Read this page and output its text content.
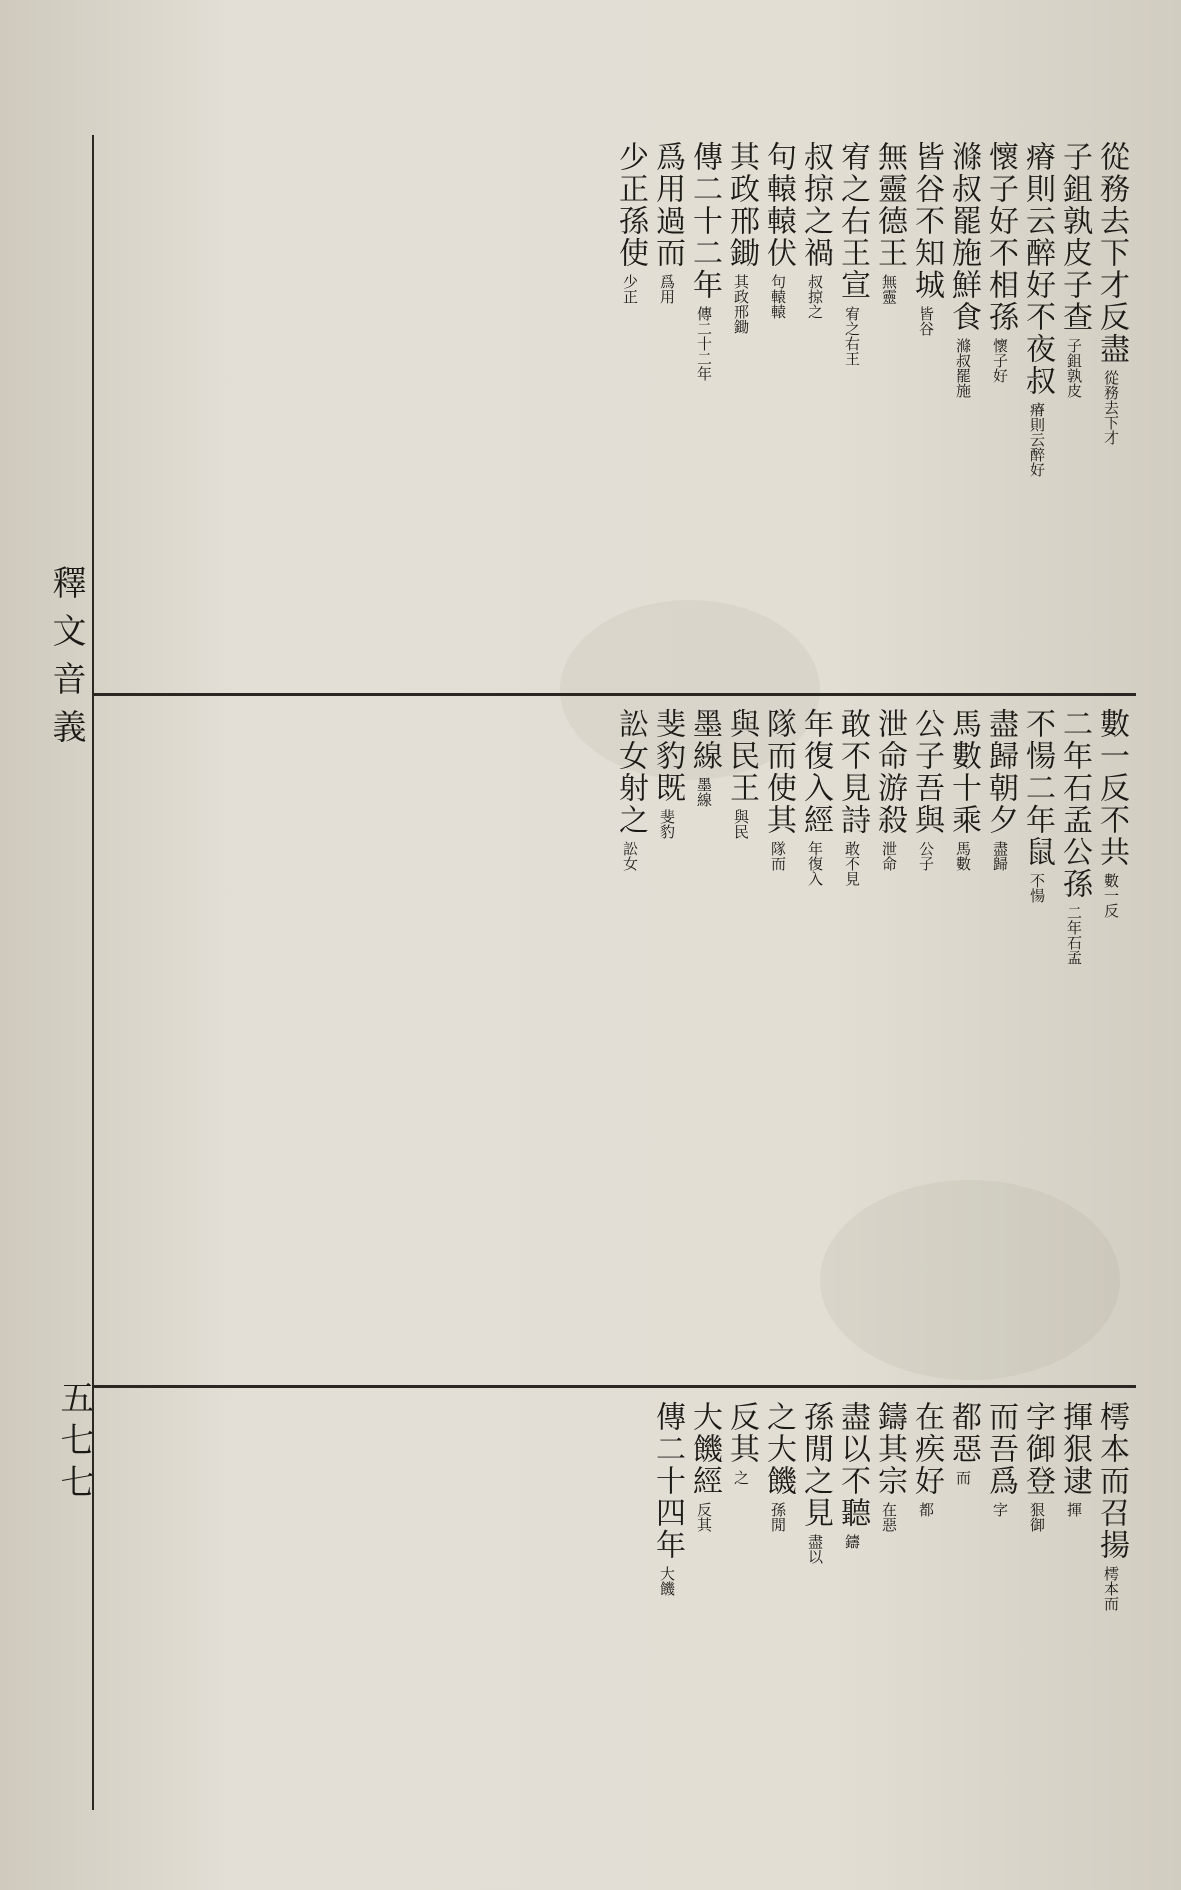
釋文音義
五七七
從務去下才反盡 從務去下才
子鉏孰皮子查 子鉏孰皮
瘠則云醉好不夜叔 瘠則云醉好
懷子好不相孫 懷子好
滌叔罷施鮮食 滌叔罷施
皆谷不知城 皆谷
無靈德王 無靈
宥之右王宣 宥之右王
叔掠之禍 叔掠之
句轅轅伏 句轅轅
其政邢鋤 其政邢鋤
傳二十二年 傳二十二年
爲用過而 爲用
少正孫使 少正
數一反不共 數一反
二年石孟公孫 二年石孟
不愓二年鼠 不愓
盡歸朝夕 盡歸
馬數十乘 馬數
公子吾與 公子
泄命游殺 泄命
敢不見詩 敢不見
年復入經 年復入
隊而使其 隊而
與民王 與民
墨線 墨線
斐豹既 斐豹
訟女射之 訟女
樗本而召揚 樗本而
揮狠逮 揮
字御登 狠御
而吾爲 字
都惡 而
在疾好 都
鑄其宗 在惡
盡以不聽 鑄
孫閒之見 盡以
之大饑 孫閒
反其 之
大饑經 反其
傳二十四年 大饑
